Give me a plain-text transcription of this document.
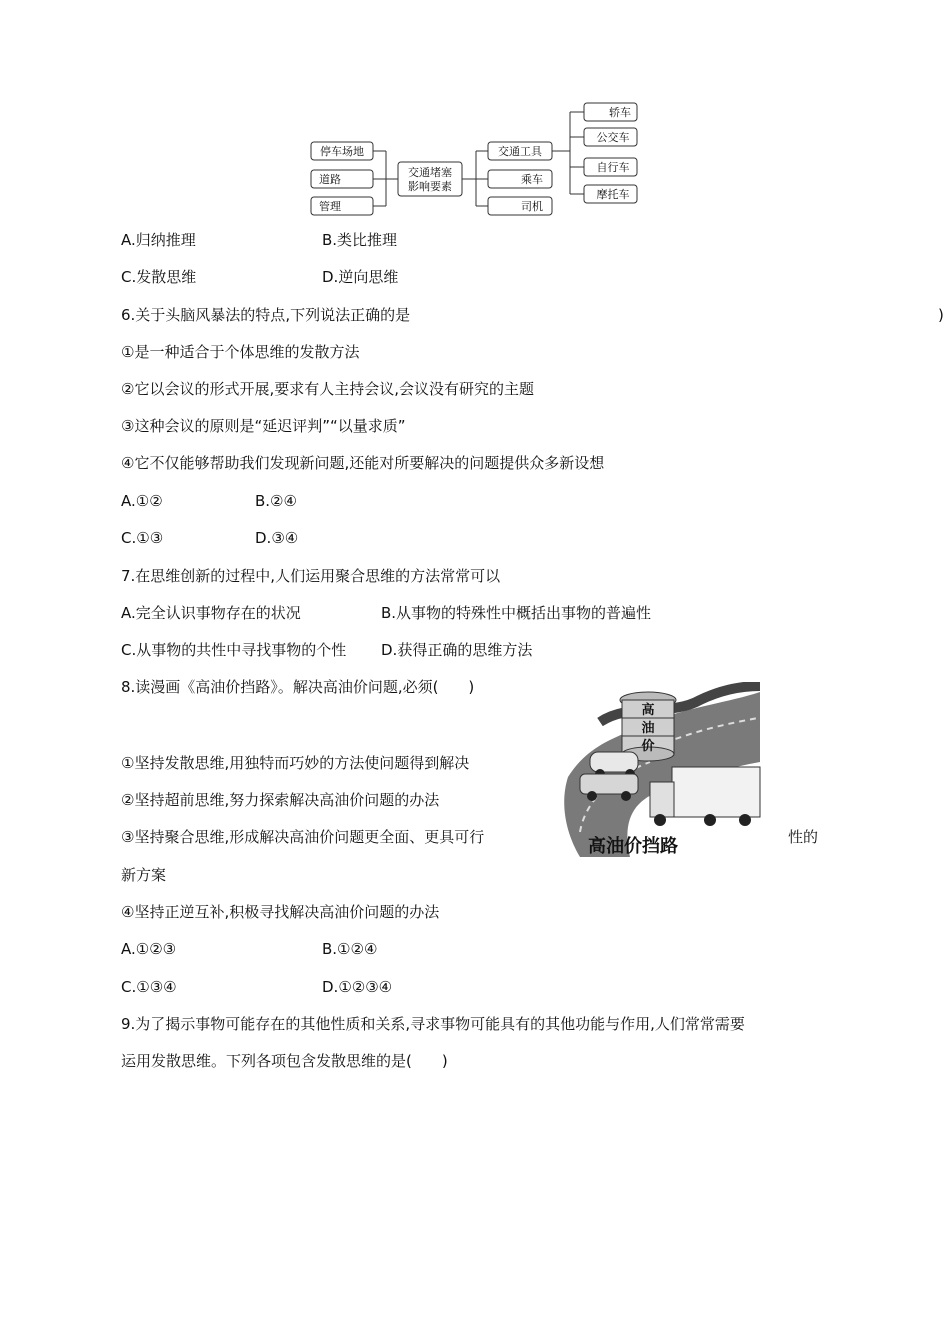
停车场地
道路
管理
交通堵塞
影响要素
交通工具
乘车
司机
轿车
公交车
自行车
摩托车
A.归纳推理	B.类比推理
C.发散思维	D.逆向思维
6.关于头脑风暴法的特点,下列说法正确的是	)
①是一种适合于个体思维的发散方法
②它以会议的形式开展,要求有人主持会议,会议没有研究的主题
③这种会议的原则是“延迟评判”“以量求质”
④它不仅能够帮助我们发现新问题,还能对所要解决的问题提供众多新设想
A.①②	B.②④
C.①③	D.③④
7.在思维创新的过程中,人们运用聚合思维的方法常常可以
A.完全认识事物存在的状况	B.从事物的特殊性中概括出事物的普遍性
C.从事物的共性中寻找事物的个性 D.获得正确的思维方法
8.读漫画《高油价挡路》。解决高油价问题,必须(　　)
高
油
价
高油价挡路
①坚持发散思维,用独特而巧妙的方法使问题得到解决
②坚持超前思维,努力探索解决高油价问题的办法
③坚持聚合思维,形成解决高油价问题更全面、更具可行	性的
新方案
④坚持正逆互补,积极寻找解决高油价问题的办法
A.①②③	B.①②④
C.①③④	D.①②③④
9.为了揭示事物可能存在的其他性质和关系,寻求事物可能具有的其他功能与作用,人们常常需要
运用发散思维。下列各项包含发散思维的是(　　)
